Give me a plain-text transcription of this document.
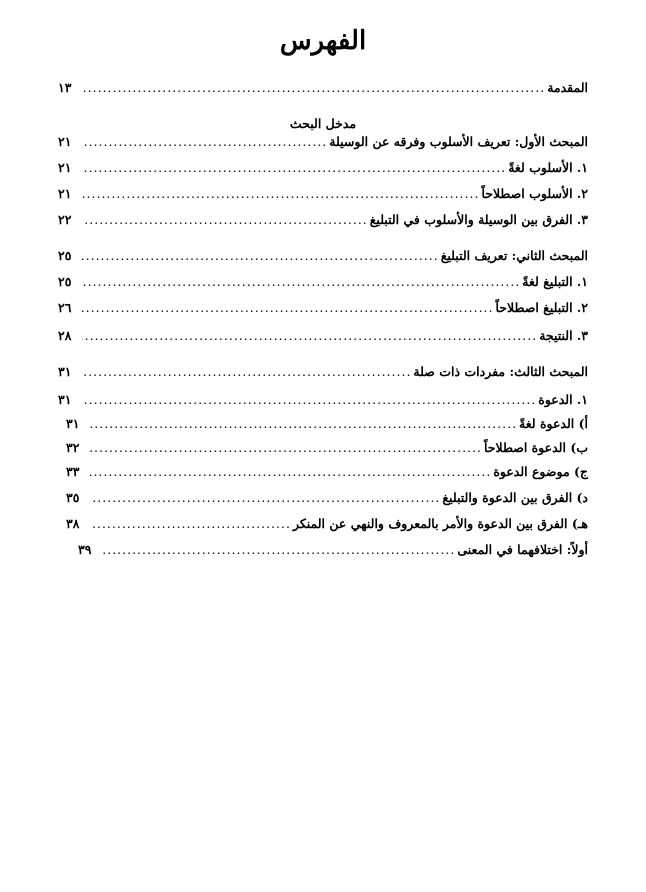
الفهرس
المقدمة
.....
١٣
مدخل البحث
المبحث الأول: تعريف الأسلوب وفرقه عن الوسيلة
.....
٢١
١. الأسلوب لغةً
.....
٢١
٢. الأسلوب اصطلاحاً
.....
٢١
٣. الفرق بين الوسيلة والأسلوب في التبليغ
.....
٢٢
المبحث الثاني: تعريف التبليغ
.....
٢٥
١. التبليغ لغةً
.....
٢٥
٢. التبليغ اصطلاحاً
.....
٢٦
٣. النتيجة
.....
٢٨
المبحث الثالث: مفردات ذات صلة
.....
٣١
١. الدعوة
.....
٣١
أ) الدعوة لغةً
.....
٣١
ب) الدعوة اصطلاحاً
.....
٣٢
ج) موضوع الدعوة
.....
٣٣
د) الفرق بين الدعوة والتبليغ
.....
٣٥
هـ) الفرق بين الدعوة والأمر بالمعروف والنهي عن المنكر
.....
٣٨
أولاً: اختلافهما في المعنى
.....
٣٩
